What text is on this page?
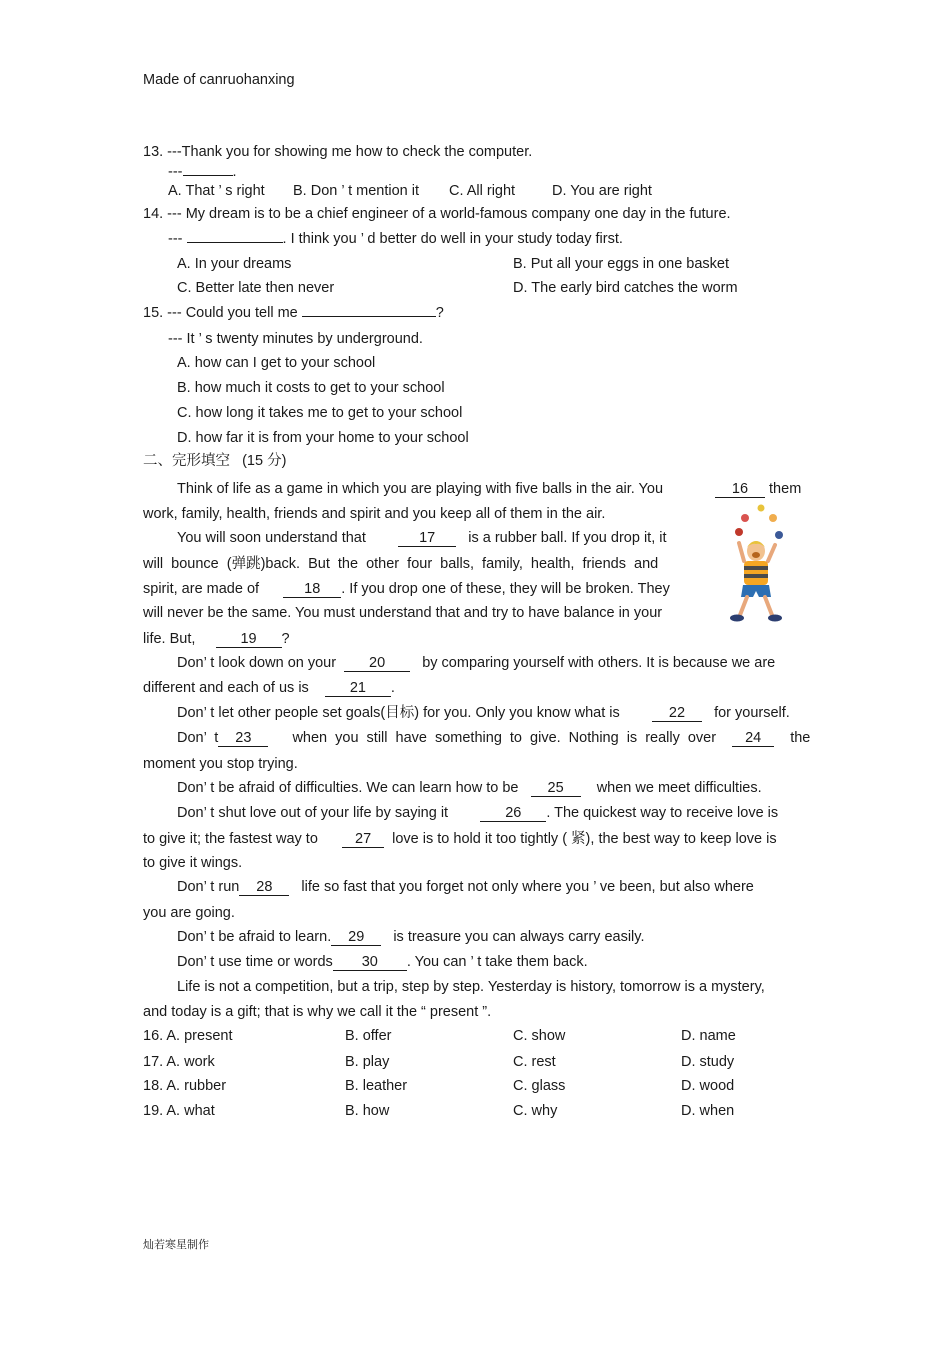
Made of canruohanxing
13. ---Thank you for showing me how to check the computer.
---	.
A. That ’ s right B. Don ’ t mention it C. All right	D. You are right
14. --- My dream is to be a chief engineer of a world-famous company one day in the future.
---	. I think you ’ d better do well in your study today first.
A. In your dreams	B. Put all your eggs in one basket
C. Better late then never	D. The early bird catches the worm
15. --- Could you tell me	?
--- It ’ s twenty minutes by underground.
A. how can I get to your school
B. how much it costs to get to your school
C. how long it takes me to get to your school
D. how far it is from your home to your school
二、完形填空 (15 分)
Think of life as a game in which you are playing with five balls in the air. You	16 them
work, family, health, friends and spirit and you keep all of them in the air.
You will soon understand that	17 is a rubber ball. If you drop it, it
will bounce (弹跳)back. But the other four balls, family, health, friends and
spirit, are made of	18 . If you drop one of these, they will be broken. They
will never be the same. You must understand that and try to have balance in your
life. But,	19 ?
Don’ t look down on your 20	by comparing yourself with others. It is because we are
different and each of us is	21 .
Don’ t let other people set goals(目标) for you. Only you know what is	22 for yourself.
Don’ t 23	when you still have something to give. Nothing is really over 24 the
moment you stop trying.
Don’ t be afraid of difficulties. We can learn how to be 25 when we meet difficulties.
Don’ t shut love out of your life by saying it	26 . The quickest way to receive love is
to give it; the fastest way to	27 love is to hold it too tightly ( 紧), the best way to keep love is
to give it wings.
Don’ t run 28 life so fast that you forget not only where you ’ ve been, but also where
you are going.
Don’ t be afraid to learn. 29 is treasure you can always carry easily.
Don’ t use time or words 30 . You can ’ t take them back.
Life is not a competition, but a trip, step by step. Yesterday is history, tomorrow is a mystery,
and today is a gift; that is why we call it the “ present ”.
16. A. present	B. offer	C. show	D. name
17. A. work	B. play	C. rest	D. study
18. A. rubber	B. leather	C. glass	D. wood
19. A. what	B. how	C. why	D. when
灿若寒星制作
